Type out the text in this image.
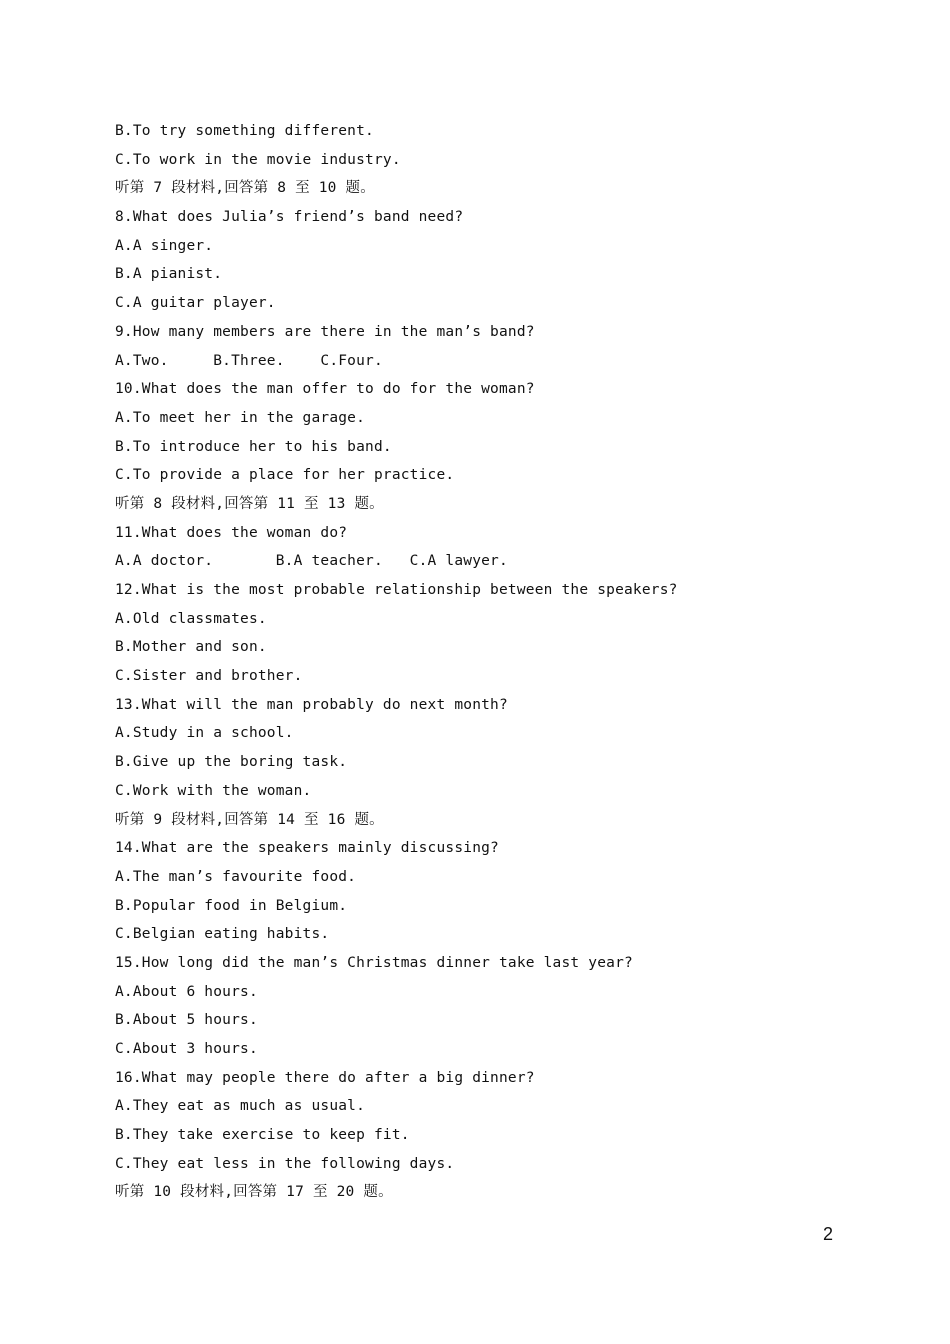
B.To try something different.
C.To work in the movie industry.
听第 7 段材料,回答第 8 至 10 题。
8.What does Julia’s friend’s band need?
A.A singer.
B.A pianist.
C.A guitar player.
9.How many members are there in the man’s band?
A.Two.     B.Three.    C.Four.
10.What does the man offer to do for the woman?
A.To meet her in the garage.
B.To introduce her to his band.
C.To provide a place for her practice.
听第 8 段材料,回答第 11 至 13 题。
11.What does the woman do?
A.A doctor.       B.A teacher.   C.A lawyer.
12.What is the most probable relationship between the speakers?
A.Old classmates.
B.Mother and son.
C.Sister and brother.
13.What will the man probably do next month?
A.Study in a school.
B.Give up the boring task.
C.Work with the woman.
听第 9 段材料,回答第 14 至 16 题。
14.What are the speakers mainly discussing?
A.The man’s favourite food.
B.Popular food in Belgium.
C.Belgian eating habits.
15.How long did the man’s Christmas dinner take last year?
A.About 6 hours.
B.About 5 hours.
C.About 3 hours.
16.What may people there do after a big dinner?
A.They eat as much as usual.
B.They take exercise to keep fit.
C.They eat less in the following days.
听第 10 段材料,回答第 17 至 20 题。
2
